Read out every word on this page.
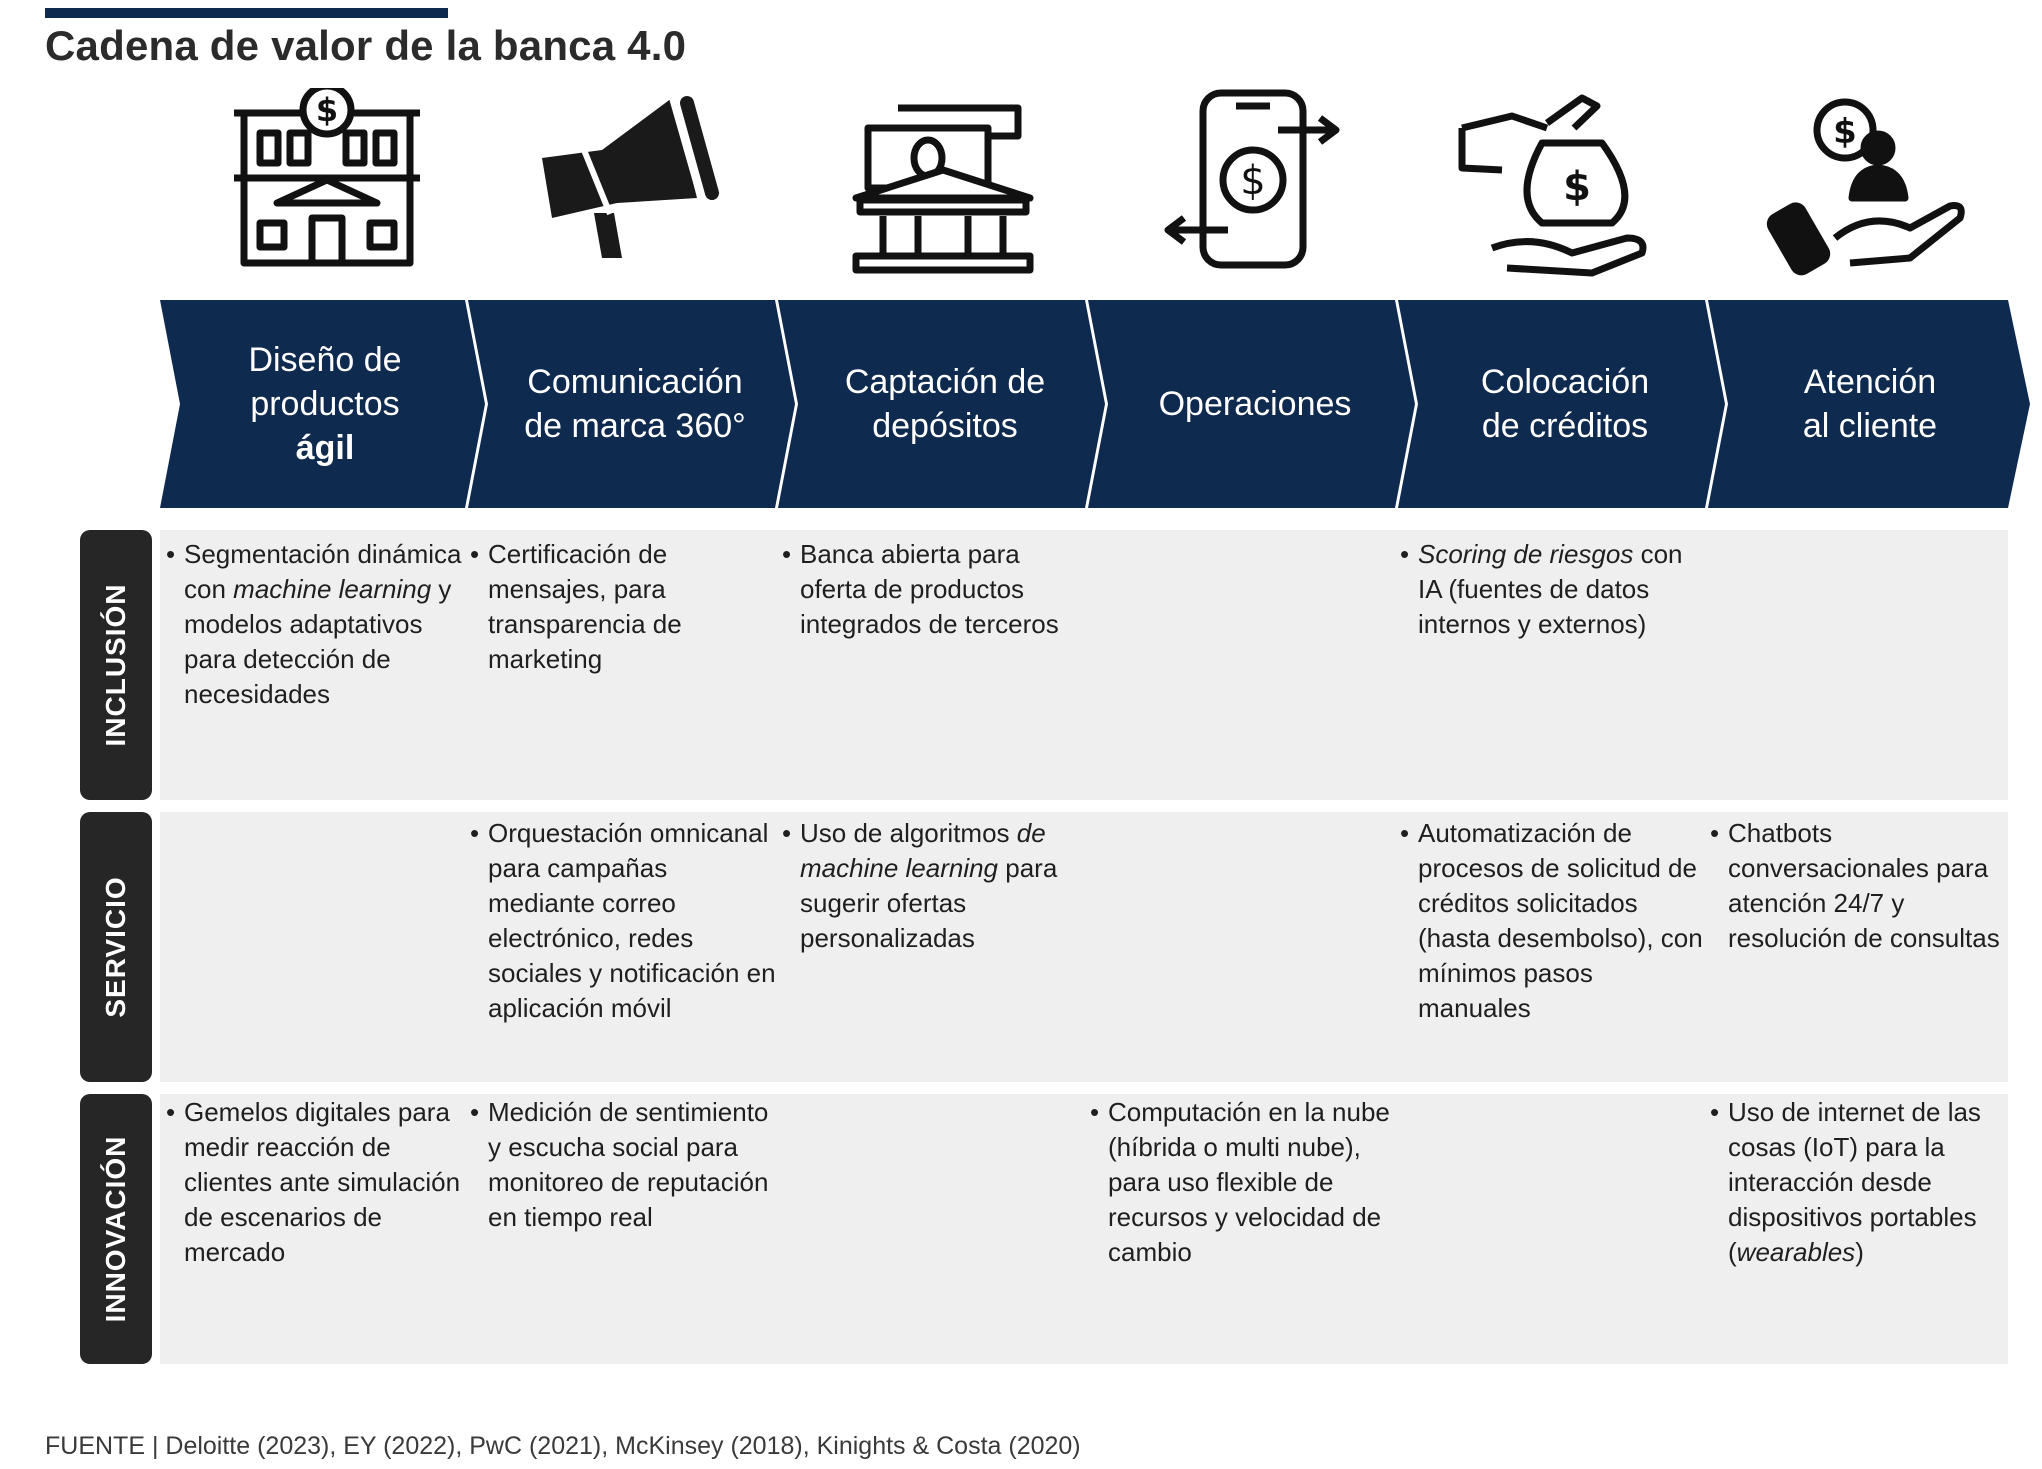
Cadena de valor de la banca 4.0
$
$	$
$
Diseño de
productos
ágil
Comunicación
de marca 360°
Captación de
depósitos
Operaciones
Colocación
de créditos
Atención
al cliente
INCLUSIÓN
SERVICIO
INNOVACIÓN
• Segmentación dinámica con machine learning y modelos adaptativos para detección de necesidades
• Certificación de mensajes, para transparencia de marketing
• Banca abierta para oferta de productos integrados de terceros
• Scoring de riesgos con IA (fuentes de datos internos y externos)
• Orquestación omnicanal para campañas mediante correo electrónico, redes sociales y notificación en aplicación móvil
• Uso de algoritmos de machine learning para sugerir ofertas personalizadas
• Automatización de procesos de solicitud de créditos solicitados (hasta desembolso), con mínimos pasos manuales
• Chatbots conversacionales para atención 24/7 y resolución de consultas
• Gemelos digitales para medir reacción de clientes ante simulación de escenarios de mercado
• Medición de sentimiento y escucha social para monitoreo de reputación en tiempo real
• Computación en la nube (híbrida o multi nube), para uso flexible de recursos y velocidad de cambio
• Uso de internet de las cosas (IoT) para la interacción desde dispositivos portables (wearables)
FUENTE | Deloitte (2023), EY (2022), PwC (2021), McKinsey (2018), Kinights & Costa (2020)
